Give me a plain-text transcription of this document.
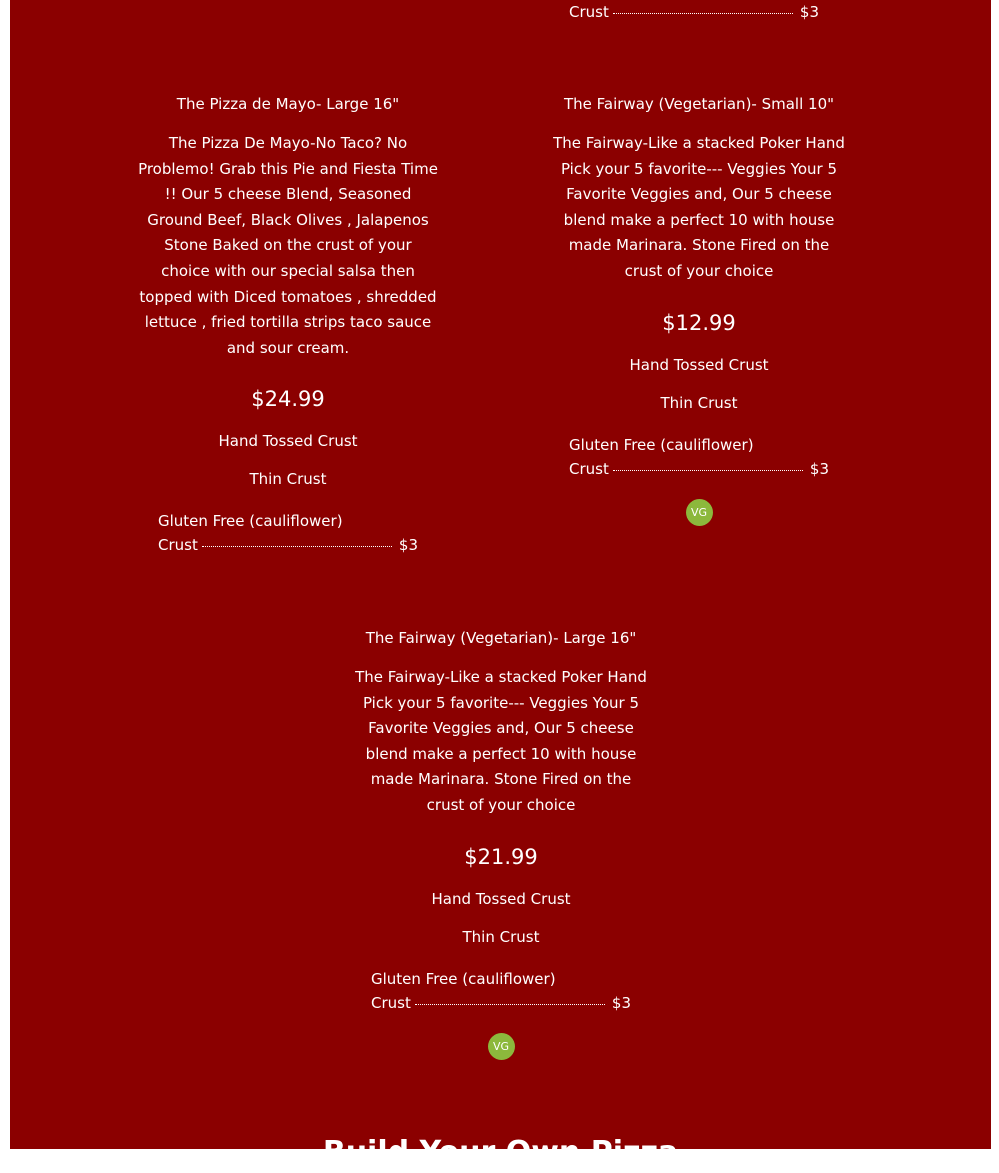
Crust	$3
The Pizza de Mayo- Large 16"

The Pizza De Mayo-No Taco? No Problemo! Grab this Pie and Fiesta Time !! Our 5 cheese Blend, Seasoned Ground Beef, Black Olives , Jalapenos Stone Baked on the crust of your choice with our special salsa then topped with Diced tomatoes , shredded lettuce , fried tortilla strips taco sauce and sour cream.

$24.99
Hand Tossed Crust
Thin Crust
Gluten Free (cauliflower) Crust	$3
The Fairway (Vegetarian)- Small 10"

The Fairway-Like a stacked Poker Hand Pick your 5 favorite--- Veggies Your 5 Favorite Veggies and, Our 5 cheese blend make a perfect 10 with house made Marinara. Stone Fired on the crust of your choice

$12.99
Hand Tossed Crust
Thin Crust
Gluten Free (cauliflower) Crust	$3
VG
The Fairway (Vegetarian)- Large 16"

The Fairway-Like a stacked Poker Hand Pick your 5 favorite--- Veggies Your 5 Favorite Veggies and, Our 5 cheese blend make a perfect 10 with house made Marinara. Stone Fired on the crust of your choice

$21.99
Hand Tossed Crust
Thin Crust
Gluten Free (cauliflower) Crust	$3
VG
Build Your Own Pizza
